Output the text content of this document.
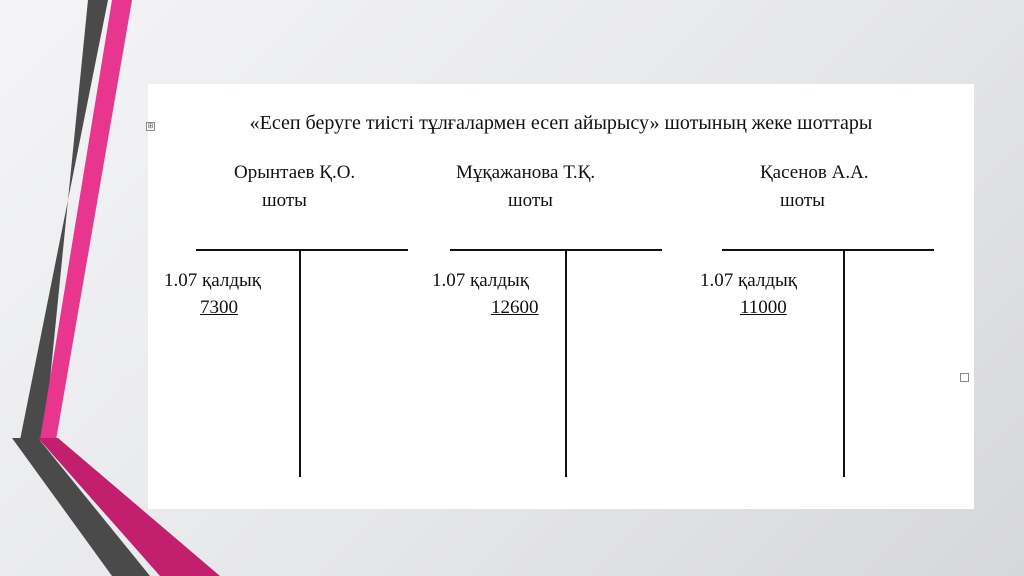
⊞	«Есеп беруге тиісті тұлғалармен есеп айырысу» шотының жеке шоттары
Орынтаев Қ.О.
шоты
1.07 қалдық
7300
Мұқажанова Т.Қ.
шоты
1.07 қалдық
12600
Қасенов А.А.
шоты
1.07 қалдық
11000
